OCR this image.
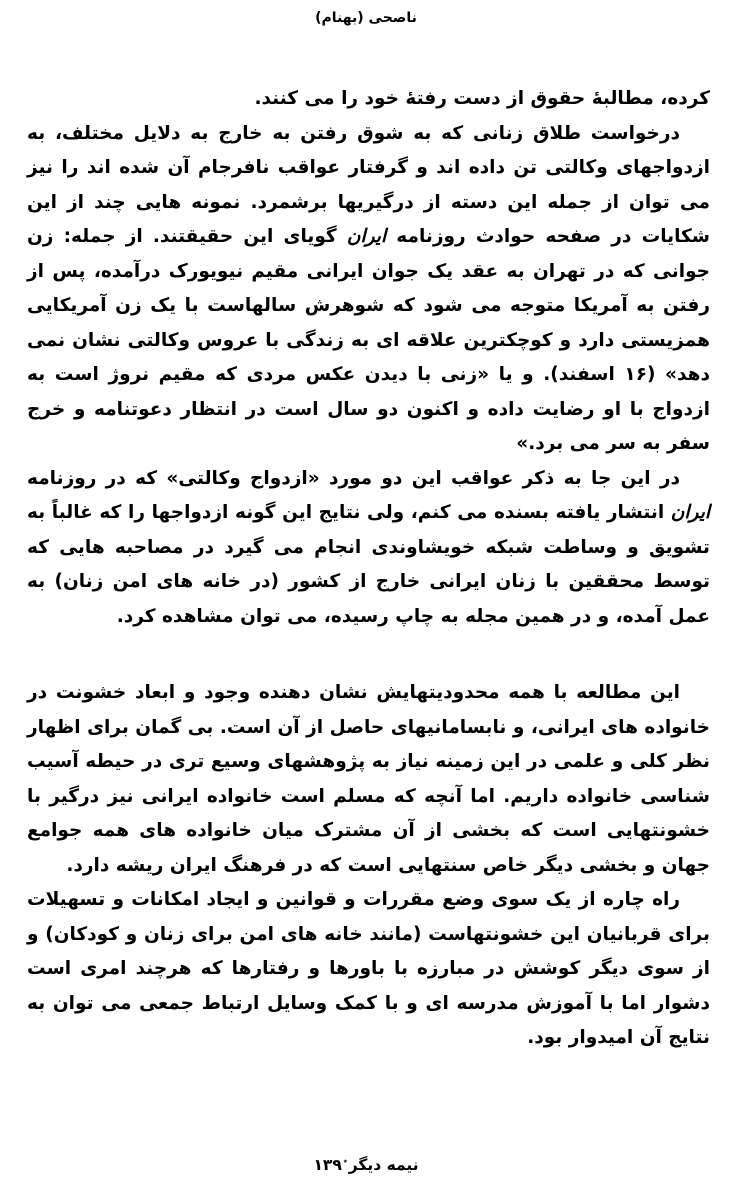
ناصحی (بهنام)

کرده، مطالبهٔ حقوق از دست رفتهٔ خود را می کنند.

درخواست طلاق زنانی که به شوق رفتن به خارج به دلایل مختلف، به ازدواجهای وکالتی تن داده اند و گرفتار عواقب نافرجام آن شده اند را نیز می توان از جمله این دسته از درگیریها برشمرد. نمونه هایی چند از این شکایات در صفحه حوادث روزنامه ایران گویای این حقیقتند. از جمله: زن جوانی که در تهران به عقد یک جوان ایرانی مقیم نیویورک درآمده، پس از رفتن به آمریکا متوجه می شود که شوهرش سالهاست با یک زن آمریکایی همزیستی دارد و کوچکترین علاقه ای به زندگی با عروس وکالتی نشان نمی دهد» (۱۶ اسفند). و یا «زنی با دیدن عکس مردی که مقیم نروژ است به ازدواج با او رضایت داده و اکنون دو سال است در انتظار دعوتنامه و خرج سفر به سر می برد.»

در این جا به ذکر عواقب این دو مورد «ازدواج وکالتی» که در روزنامه ایران انتشار یافته بسنده می کنم، ولی نتایج این گونه ازدواجها را که غالباً به تشویق و وساطت شبکه خویشاوندی انجام می گیرد در مصاحبه هایی که توسط محققین با زنان ایرانی خارج از کشور (در خانه های امن زنان) به عمل آمده، و در همین مجله به چاپ رسیده، می توان مشاهده کرد.

این مطالعه با همه محدودیتهایش نشان دهنده وجود و ابعاد خشونت در خانواده های ایرانی، و نابسامانیهای حاصل از آن است. بی گمان برای اظهار نظر کلی و علمی در این زمینه نیاز به پژوهشهای وسیع تری در حیطه آسیب شناسی خانواده داریم. اما آنچه که مسلم است خانواده ایرانی نیز درگیر با خشونتهایی است که بخشی از آن مشترک میان خانواده های همه جوامع جهان و بخشی دیگر خاص سنتهایی است که در فرهنگ ایران ریشه دارد.

راه چاره از یک سوی وضع مقررات و قوانین و ایجاد امکانات و تسهیلات برای قربانیان این خشونتهاست (مانند خانه های امن برای زنان و کودکان) و از سوی دیگر کوشش در مبارزه با باورها و رفتارها که هرچند امری است دشوار اما با آموزش مدرسه ای و با کمک وسایل ارتباط جمعی می توان به نتایج آن امیدوار بود.

نیمه دیگر٭۱۳۹
